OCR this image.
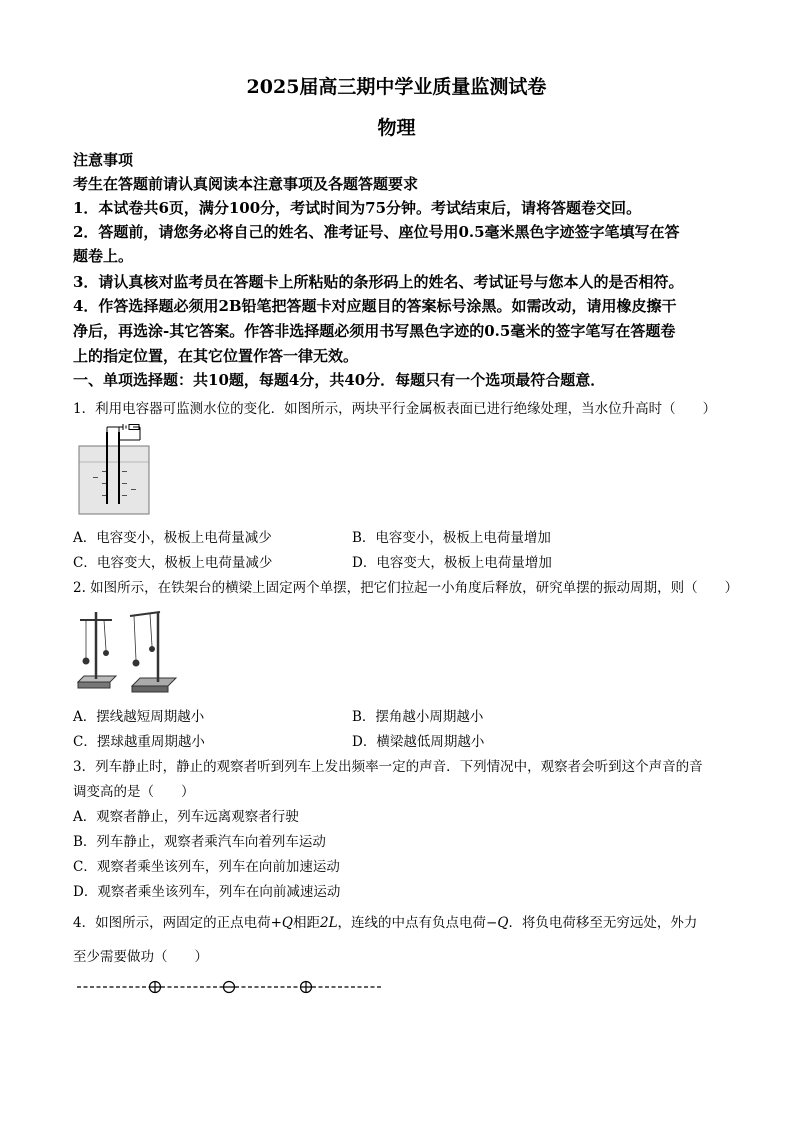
2025届高三期中学业质量监测试卷
物理
注意事项
考生在答题前请认真阅读本注意事项及各题答题要求
1．本试卷共6页，满分100分，考试时间为75分钟。考试结束后，请将答题卷交回。
2．答题前，请您务必将自己的姓名、准考证号、座位号用0.5毫米黑色字迹签字笔填写在答
题卷上。
3．请认真核对监考员在答题卡上所粘贴的条形码上的姓名、考试证号与您本人的是否相符。
4．作答选择题必须用2B铅笔把答题卡对应题目的答案标号涂黑。如需改动，请用橡皮擦干
净后，再选涂-其它答案。作答非选择题必须用书写黑色字迹的0.5毫米的签字笔写在答题卷
上的指定位置，在其它位置作答一律无效。
一、单项选择题：共10题，每题4分，共40分．每题只有一个选项最符合题意．
1．利用电容器可监测水位的变化．如图所示，两块平行金属板表面已进行绝缘处理，当水位升高时（　　）
−
−
−
−
−
−
−
−
A．电容变小，极板上电荷量减少	B．电容变小，极板上电荷量增加
C．电容变大，极板上电荷量减少	D．电容变大，极板上电荷量增加
2. 如图所示，在铁架台的横梁上固定两个单摆，把它们拉起一小角度后释放，研究单摆的振动周期，则（　　）
A．摆线越短周期越小	B．摆角越小周期越小
C．摆球越重周期越小	D．横梁越低周期越小
3．列车静止时，静止的观察者听到列车上发出频率一定的声音．下列情况中，观察者会听到这个声音的音
调变高的是（　　）
A．观察者静止，列车远离观察者行驶
B．列车静止，观察者乘汽车向着列车运动
C．观察者乘坐该列车，列车在向前加速运动
D．观察者乘坐该列车，列车在向前减速运动
4．如图所示，两固定的正点电荷+Q相距2L，连线的中点有负点电荷−Q．将负电荷移至无穷远处，外力
至少需要做功（　　）
